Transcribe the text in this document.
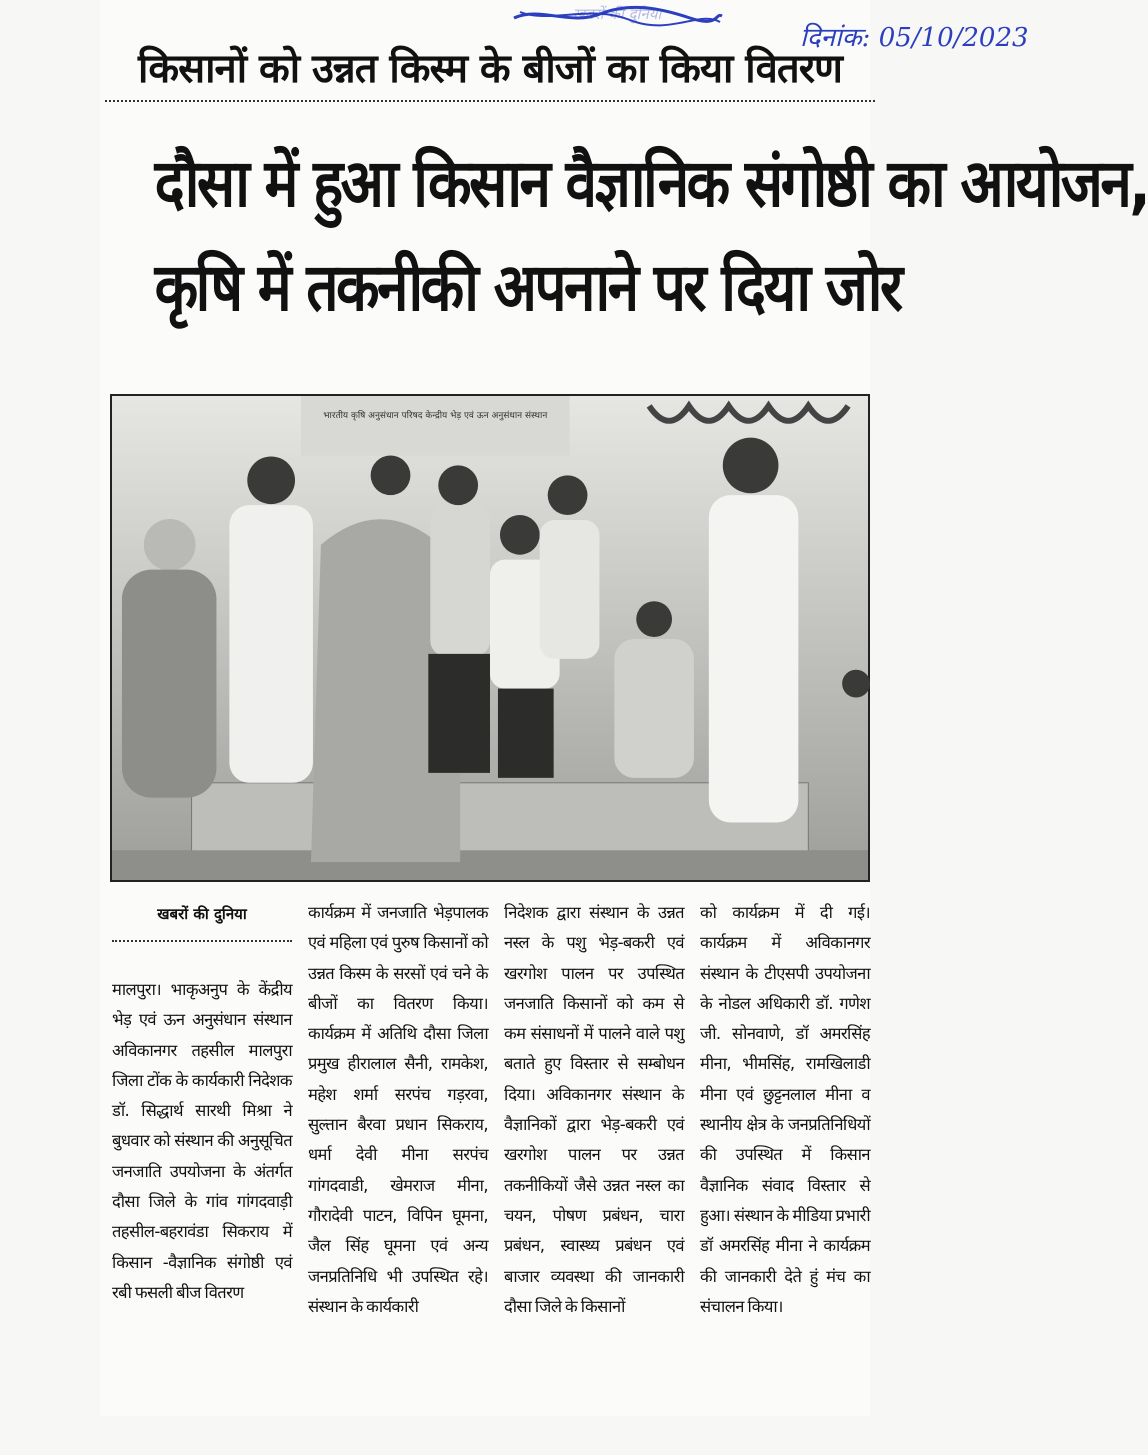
खबरों की दुनिया
दिनांक: 05/10/2023
किसानों को उन्नत किस्म के बीजों का किया वितरण
दौसा में हुआ किसान वैज्ञानिक संगोष्ठी का आयोजन,
कृषि में तकनीकी अपनाने पर दिया जोर
भारतीय कृषि अनुसंधान परिषद केन्द्रीय भेड़ एवं ऊन अनुसंधान संस्थान
खबरों की दुनिया

मालपुरा। भाकृअनुप के केंद्रीय भेड़ एवं ऊन अनुसंधान संस्थान अविकानगर तहसील मालपुरा जिला टोंक के कार्यकारी निदेशक डॉ. सिद्धार्थ सारथी मिश्रा ने बुधवार को संस्थान की अनुसूचित जनजाति उपयोजना के अंतर्गत दौसा जिले के गांव गांगदवाड़ी तहसील-बहरावंडा सिकराय में किसान -वैज्ञानिक संगोष्ठी एवं रबी फसली बीज वितरण

कार्यक्रम में जनजाति भेड़पालक एवं महिला एवं पुरुष किसानों को उन्नत किस्म के सरसों एवं चने के बीजों का वितरण किया। कार्यक्रम में अतिथि दौसा जिला प्रमुख हीरालाल सैनी, रामकेश, महेश शर्मा सरपंच गड़रवा, सुल्तान बैरवा प्रधान सिकराय, धर्मा देवी मीना सरपंच गांगदवाडी, खेमराज मीना, गौरादेवी पाटन, विपिन घूमना, जैल सिंह घूमना एवं अन्य जनप्रतिनिधि भी उपस्थित रहे। संस्थान के कार्यकारी

निदेशक द्वारा संस्थान के उन्नत नस्ल के पशु भेड़-बकरी एवं खरगोश पालन पर उपस्थित जनजाति किसानों को कम से कम संसाधनों में पालने वाले पशु बताते हुए विस्तार से सम्बोधन दिया। अविकानगर संस्थान के वैज्ञानिकों द्वारा भेड़-बकरी एवं खरगोश पालन पर उन्नत तकनीकियों जैसे उन्नत नस्ल का चयन, पोषण प्रबंधन, चारा प्रबंधन, स्वास्थ्य प्रबंधन एवं बाजार व्यवस्था की जानकारी दौसा जिले के किसानों

को कार्यक्रम में दी गई। कार्यक्रम में अविकानगर संस्थान के टीएसपी उपयोजना के नोडल अधिकारी डॉ. गणेश जी. सोनवाणे, डॉ अमरसिंह मीना, भीमसिंह, रामखिलाडी मीना एवं छुट्टनलाल मीना व स्थानीय क्षेत्र के जनप्रतिनिधियों की उपस्थित में किसान वैज्ञानिक संवाद विस्तार से हुआ। संस्थान के मीडिया प्रभारी डॉ अमरसिंह मीना ने कार्यक्रम की जानकारी देते हुं मंच का संचालन किया।
